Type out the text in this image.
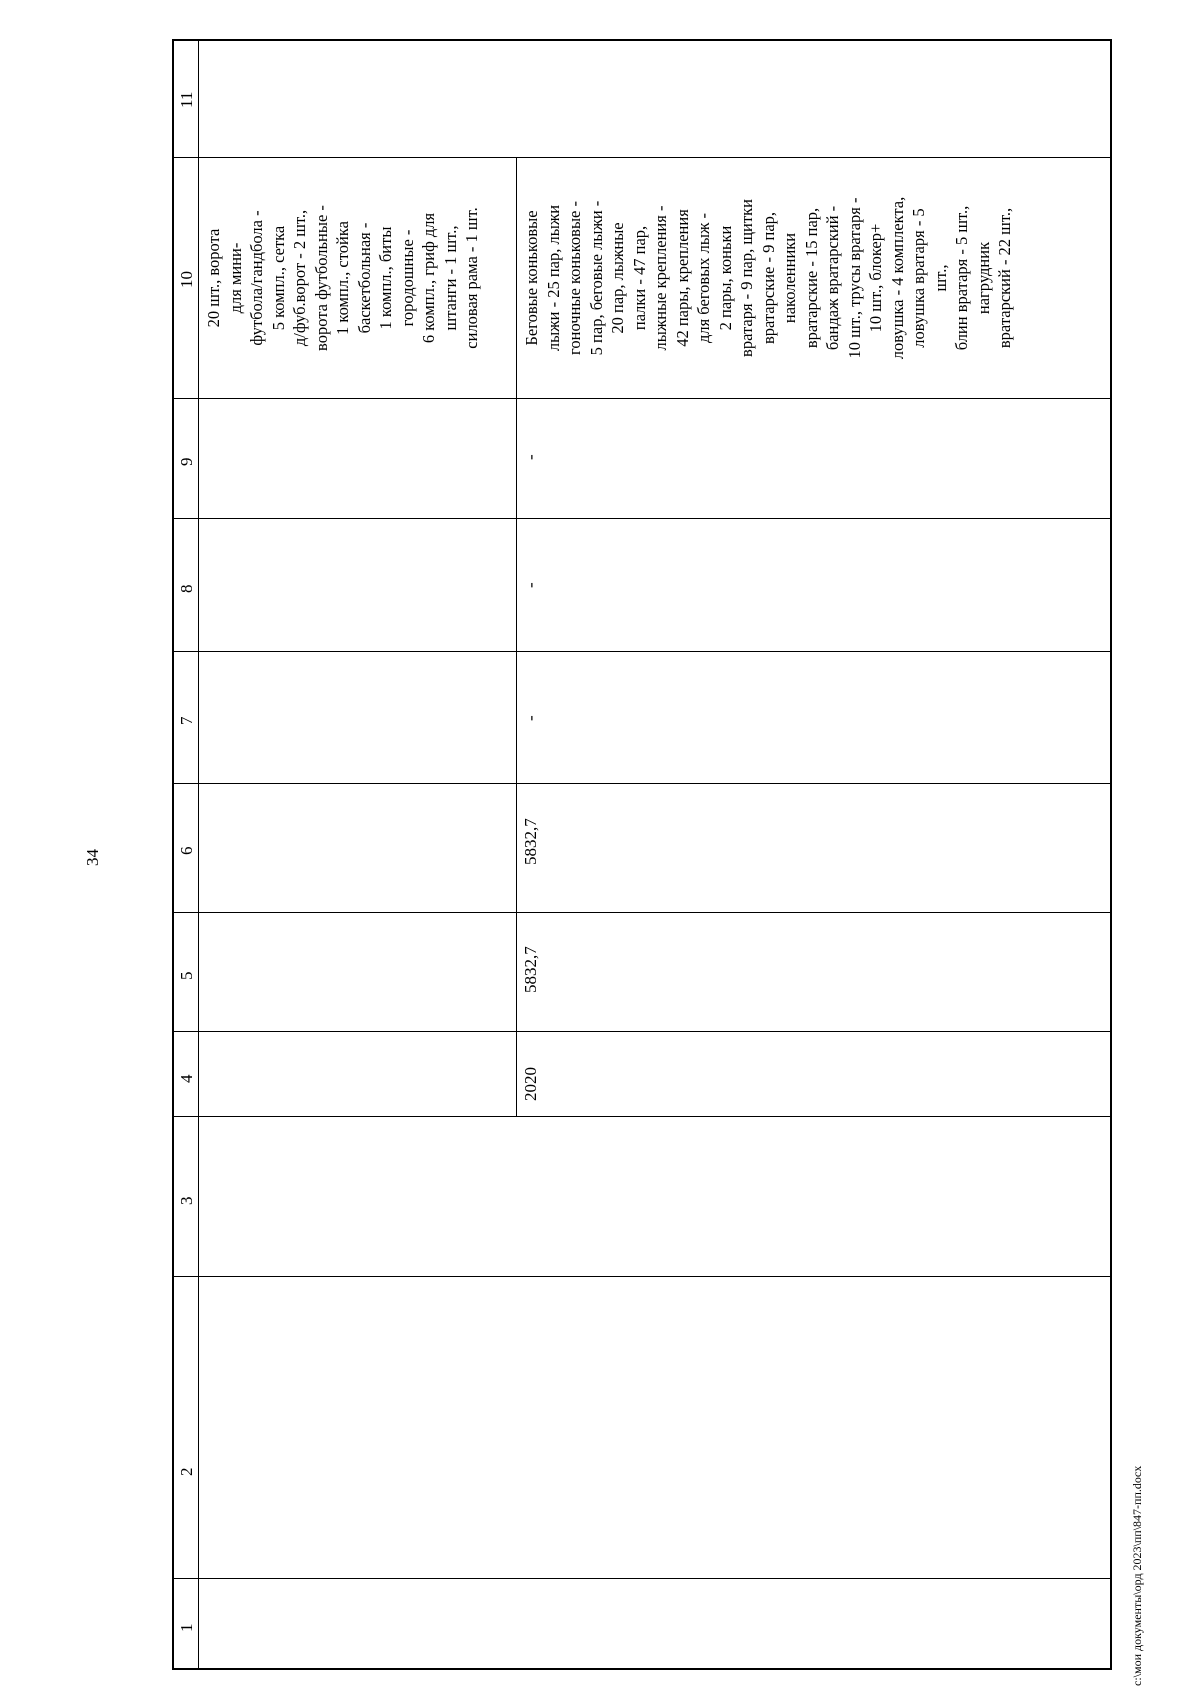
34
c:\мои документы\орд 2023\пп\847-пп.docx
1
2
3
4
5
6
7
8
9
10
11
20 шт., ворота
для мини-
футбола/гандбола -
5 компл., сетка
д/фуб.ворот - 2 шт.,
ворота футбольные -
1 компл., стойка
баскетбольная -
1 компл., биты
городошные -
6 компл., гриф для
штанги - 1 шт.,
силовая рама - 1 шт.
2020
5832,7
5832,7
-
-
-
Беговые коньковые
лыжи - 25 пар, лыжи
гоночные коньковые -
5 пар, беговые лыжи -
20 пар, лыжные
палки - 47 пар,
лыжные крепления -
42 пары, крепления
для беговых лыж -
2 пары, коньки
вратаря - 9 пар, щитки
вратарские - 9 пар,
наколенники
вратарские - 15 пар,
бандаж вратарский -
10 шт., трусы вратаря -
10 шт., блокер+
ловушка - 4 комплекта,
ловушка вратаря - 5
шт.,
блин вратаря - 5 шт.,
нагрудник
вратарский - 22 шт.,
